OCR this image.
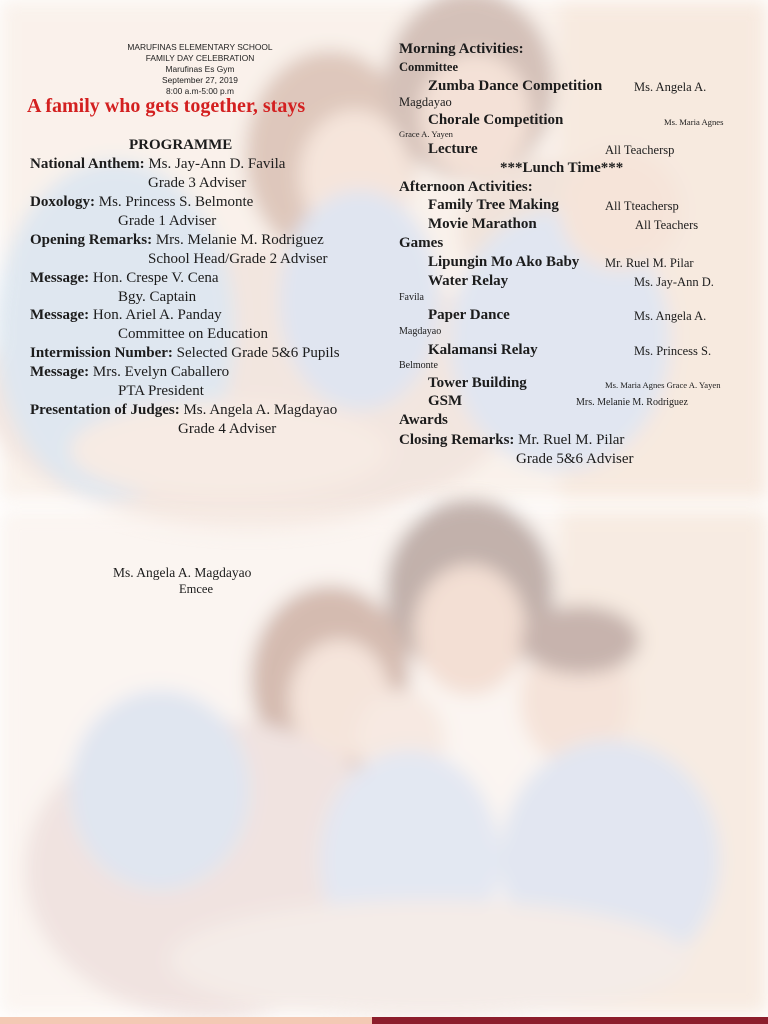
MARUFINAS ELEMENTARY SCHOOL
FAMILY DAY CELEBRATION
Marufinas Es Gym
September 27, 2019
8:00 a.m-5:00 p.m
A family who gets together, stays
PROGRAMME
National Anthem: Ms. Jay-Ann D. Favila
Grade 3 Adviser
Doxology: Ms. Princess S. Belmonte
Grade 1 Adviser
Opening Remarks: Mrs. Melanie M. Rodriguez
School Head/Grade 2 Adviser
Message: Hon. Crespe V. Cena
Bgy. Captain
Message: Hon. Ariel A. Panday
Committee on Education
Intermission Number: Selected Grade 5&6 Pupils
Message: Mrs. Evelyn Caballero
PTA President
Presentation of Judges: Ms. Angela A. Magdayao
Grade 4 Adviser
Morning Activities:
Committee
Zumba Dance Competition	Ms. Angela A.
Magdayao
Chorale Competition	Ms. Maria Agnes
Grace A. Yayen
Lecture	All Teachersp
***Lunch Time***
Afternoon Activities:
Family Tree Making	All Tteachersp
Movie Marathon	All Teachers
Games
Lipungin Mo Ako Baby Mr. Ruel M. Pilar
Water Relay	Ms. Jay-Ann D.
Favila
Paper Dance	Ms. Angela A.
Magdayao
Kalamansi Relay	Ms. Princess S.
Belmonte
Tower Building	Ms. Maria Agnes Grace A. Yayen
GSM	Mrs. Melanie M. Rodriguez
Awards
Closing Remarks: Mr. Ruel M. Pilar
Grade 5&6 Adviser
Ms. Angela A. Magdayao
Emcee
